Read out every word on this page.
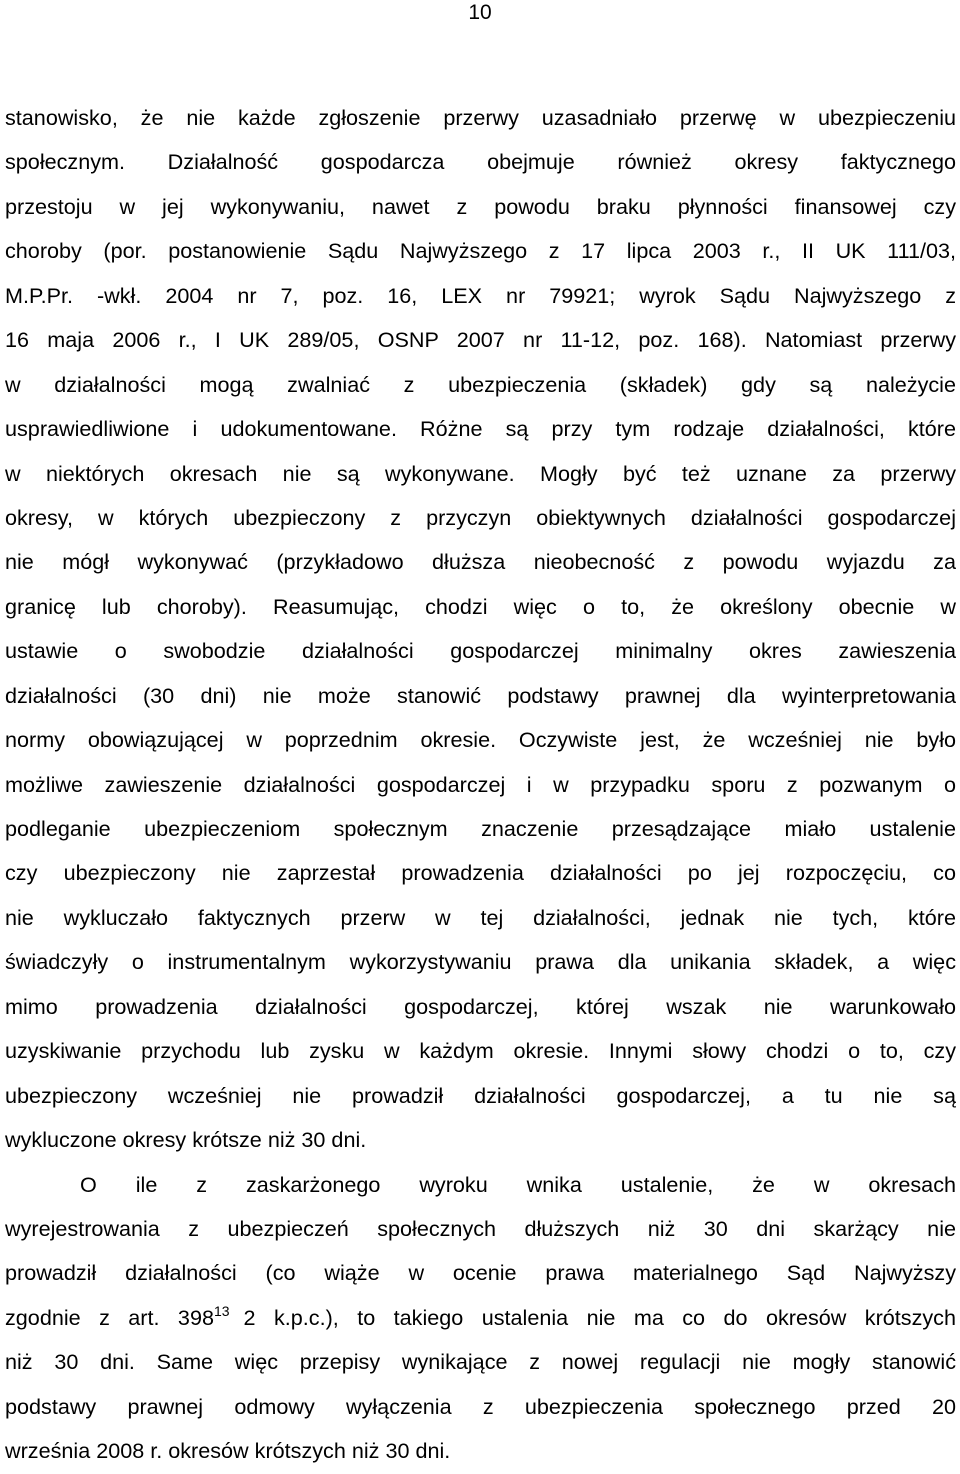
10
stanowisko, że nie każde zgłoszenie przerwy uzasadniało przerwę w ubezpieczeniu
społecznym. Działalność gospodarcza obejmuje również okresy faktycznego
przestoju w jej wykonywaniu, nawet z powodu braku płynności finansowej czy
choroby (por. postanowienie Sądu Najwyższego z 17 lipca 2003 r., II UK 111/03,
M.P.Pr. -wkł. 2004 nr 7, poz. 16, LEX nr 79921; wyrok Sądu Najwyższego z
16 maja 2006 r., I UK 289/05, OSNP 2007 nr 11-12, poz. 168). Natomiast przerwy
w działalności mogą zwalniać z ubezpieczenia (składek) gdy są należycie
usprawiedliwione i udokumentowane. Różne są przy tym rodzaje działalności, które
w niektórych okresach nie są wykonywane. Mogły być też uznane za przerwy
okresy, w których ubezpieczony z przyczyn obiektywnych działalności gospodarczej
nie mógł wykonywać (przykładowo dłuższa nieobecność z powodu wyjazdu za
granicę lub choroby). Reasumując, chodzi więc o to, że określony obecnie w
ustawie o swobodzie działalności gospodarczej minimalny okres zawieszenia
działalności (30 dni) nie może stanowić podstawy prawnej dla wyinterpretowania
normy obowiązującej w poprzednim okresie. Oczywiste jest, że wcześniej nie było
możliwe zawieszenie działalności gospodarczej i w przypadku sporu z pozwanym o
podleganie ubezpieczeniom społecznym znaczenie przesądzające miało ustalenie
czy ubezpieczony nie zaprzestał prowadzenia działalności po jej rozpoczęciu, co
nie wykluczało faktycznych przerw w tej działalności, jednak nie tych, które
świadczyły o instrumentalnym wykorzystywaniu prawa dla unikania składek, a więc
mimo prowadzenia działalności gospodarczej, której wszak nie warunkowało
uzyskiwanie przychodu lub zysku w każdym okresie. Innymi słowy chodzi o to, czy
ubezpieczony wcześniej nie prowadził działalności gospodarczej, a tu nie są
wykluczone okresy krótsze niż 30 dni.
O ile z zaskarżonego wyroku wnika ustalenie, że w okresach
wyrejestrowania z ubezpieczeń społecznych dłuższych niż 30 dni skarżący nie
prowadził działalności (co wiąże w ocenie prawa materialnego Sąd Najwyższy
zgodnie z art. $398^{13}$ 2 k.p.c.), to takiego ustalenia nie ma co do okresów krótszych
niż 30 dni. Same więc przepisy wynikające z nowej regulacji nie mogły stanowić
podstawy prawnej odmowy wyłączenia z ubezpieczenia społecznego przed 20
września 2008 r. okresów krótszych niż 30 dni.
